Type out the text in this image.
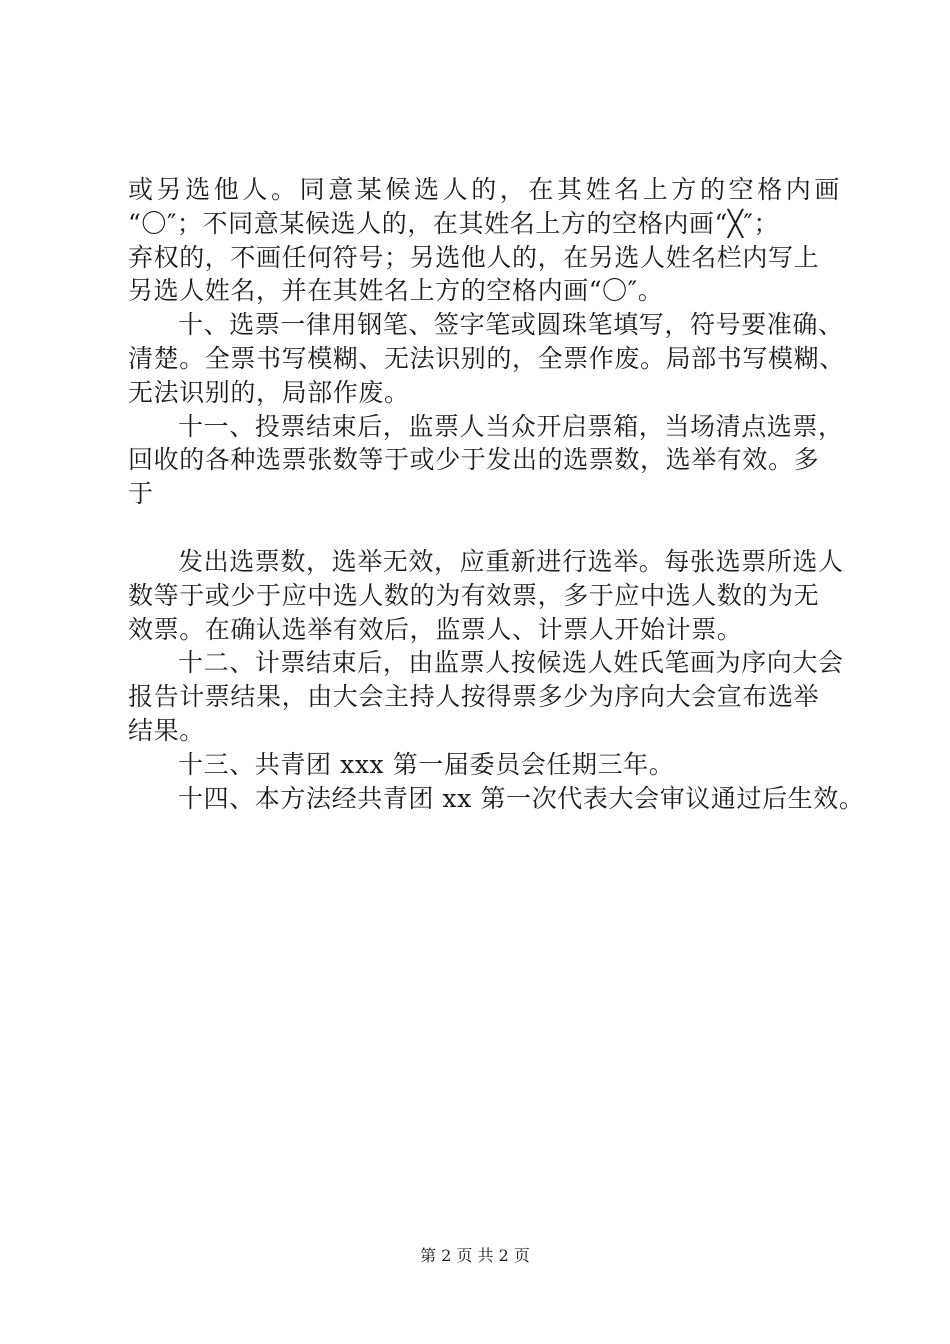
或另选他人。同意某候选人的，在其姓名上方的空格内画
“〇″；不同意某候选人的，在其姓名上方的空格内画“╳″；
弃权的，不画任何符号；另选他人的，在另选人姓名栏内写上
另选人姓名，并在其姓名上方的空格内画“〇″。
十、选票一律用钢笔、签字笔或圆珠笔填写，符号要准确、
清楚。全票书写模糊、无法识别的，全票作废。局部书写模糊、
无法识别的，局部作废。
十一、投票结束后，监票人当众开启票箱，当场清点选票，
回收的各种选票张数等于或少于发出的选票数，选举有效。多
于
发出选票数，选举无效，应重新进行选举。每张选票所选人
数等于或少于应中选人数的为有效票，多于应中选人数的为无
效票。在确认选举有效后，监票人、计票人开始计票。
十二、计票结束后，由监票人按候选人姓氏笔画为序向大会
报告计票结果，由大会主持人按得票多少为序向大会宣布选举
结果。
十三、共青团 xxx 第一届委员会任期三年。
十四、本方法经共青团 xx 第一次代表大会审议通过后生效。
第 2 页 共 2 页
